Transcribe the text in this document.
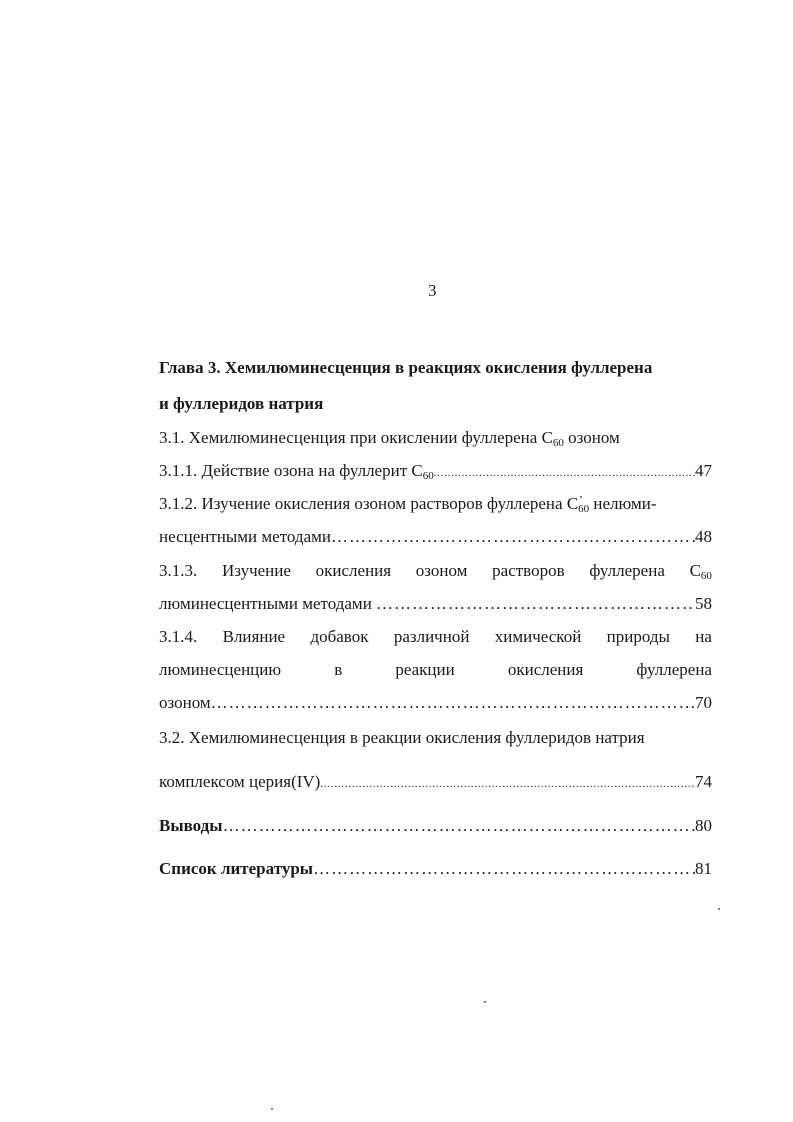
3
Глава 3. Хемилюминесценция в реакциях окисления фуллерена
и фуллеридов натрия
3.1. Хемилюминесценция при окислении фуллерена $С_{60}$ озоном
3.1.1. Действие озона на фуллерит $С_{60}$ .....	47
3.1.2. Изучение окисления озоном растворов фуллерена $С_{60}$ нелюми-
несцентными методами ……………………………………………………………………………………………………………………………………	48
3.1.3. Изучение окисления озоном растворов фуллерена $С_{60}$
люминесцентными методами ……………………………………………………………………………………………………………………………………	58
3.1.4. Влияние добавок различной химической природы на
люминесценцию	в	реакции	окисления	фуллерена
озоном ……………………………………………………………………………………………………………………………………	70
3.2. Хемилюминесценция в реакции окисления фуллеридов натрия
комплексом церия(IV) .....	74
Выводы ……………………………………………………………………………………………………………………………………	80
Список литературы ……………………………………………………………………………………………………………………………………	81
